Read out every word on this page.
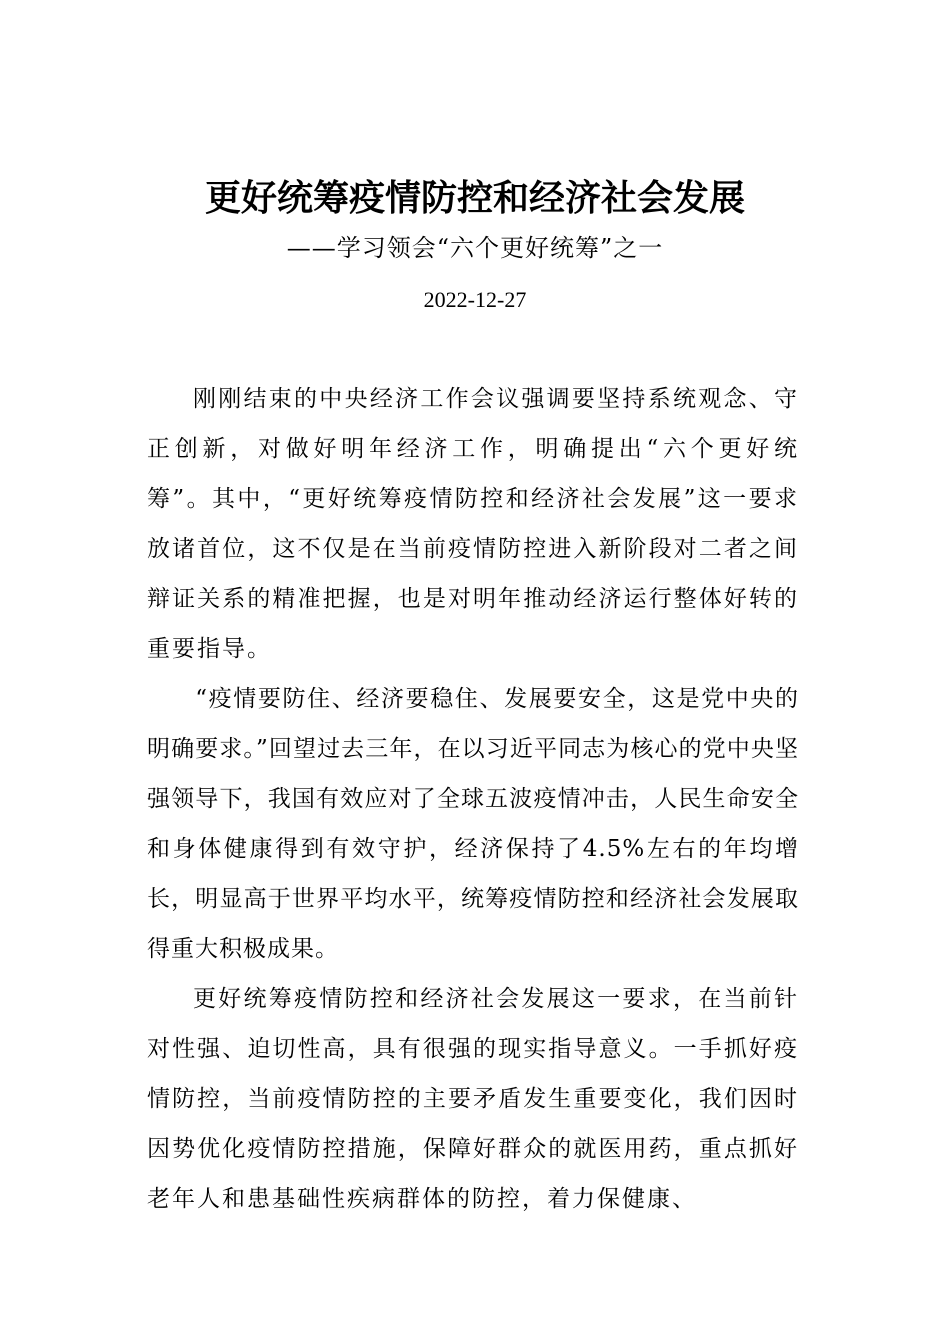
更好统筹疫情防控和经济社会发展
——学习领会“六个更好统筹”之一
2022-12-27

刚刚结束的中央经济工作会议强调要坚持系统观念、守正创新，对做好明年经济工作，明确提出“六个更好统筹”。其中，“更好统筹疫情防控和经济社会发展”这一要求放诸首位，这不仅是在当前疫情防控进入新阶段对二者之间辩证关系的精准把握，也是对明年推动经济运行整体好转的重要指导。

“疫情要防住、经济要稳住、发展要安全，这是党中央的明确要求。”回望过去三年，在以习近平同志为核心的党中央坚强领导下，我国有效应对了全球五波疫情冲击，人民生命安全和身体健康得到有效守护，经济保持了4.5%左右的年均增长，明显高于世界平均水平，统筹疫情防控和经济社会发展取得重大积极成果。

更好统筹疫情防控和经济社会发展这一要求，在当前针对性强、迫切性高，具有很强的现实指导意义。一手抓好疫情防控，当前疫情防控的主要矛盾发生重要变化，我们因时因势优化疫情防控措施，保障好群众的就医用药，重点抓好老年人和患基础性疾病群体的防控，着力保健康、
